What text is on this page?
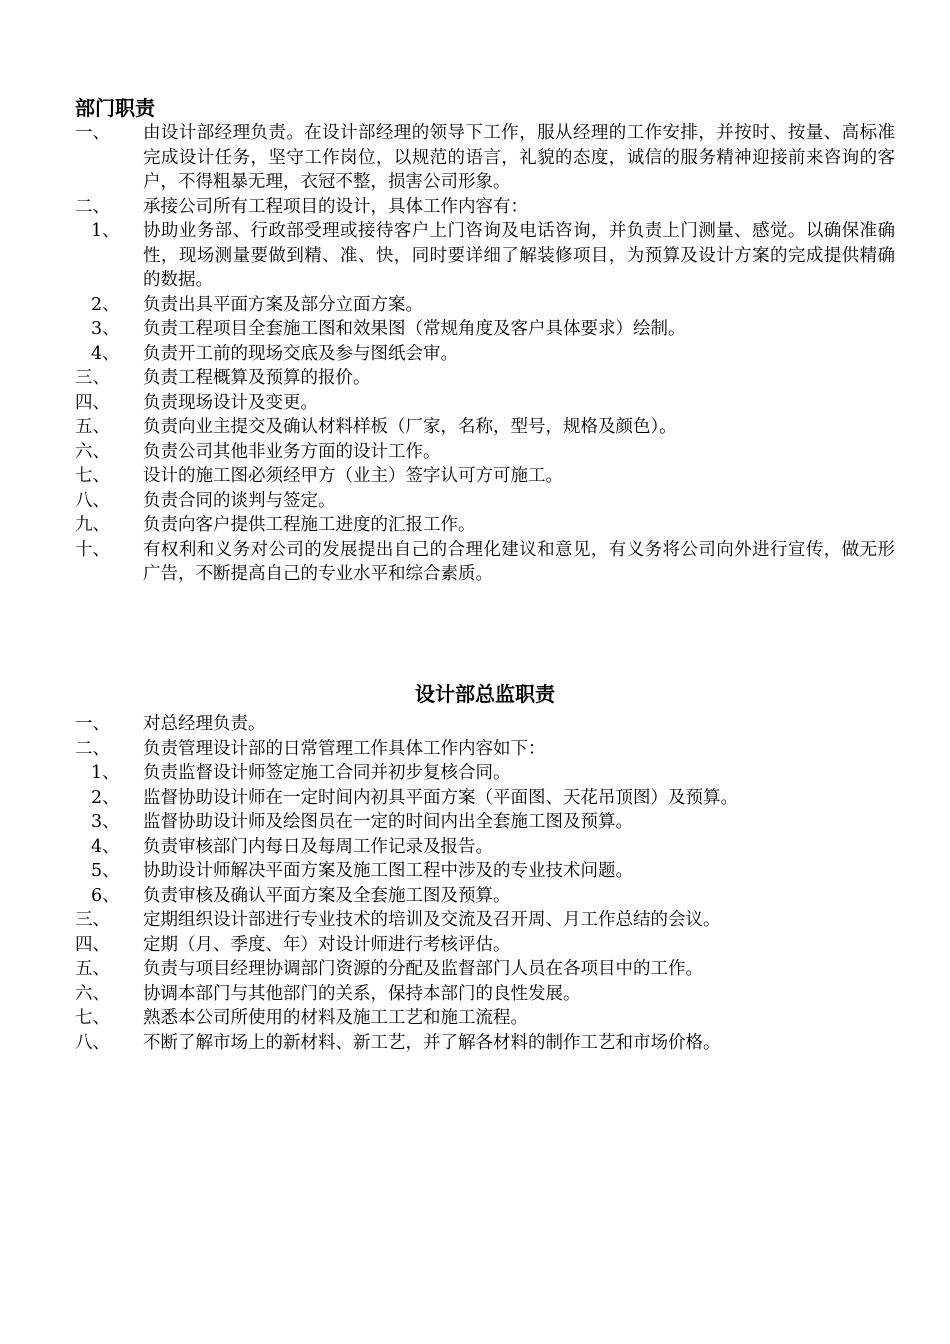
部门职责
一、	由设计部经理负责。在设计部经理的领导下工作，服从经理的工作安排，并按时、按量、高标准完成设计任务，坚守工作岗位，以规范的语言，礼貌的态度，诚信的服务精神迎接前来咨询的客户，不得粗暴无理，衣冠不整，损害公司形象。
二、	承接公司所有工程项目的设计，具体工作内容有：
1、	协助业务部、行政部受理或接待客户上门咨询及电话咨询，并负责上门测量、感觉。以确保准确性，现场测量要做到精、准、快，同时要详细了解装修项目，为预算及设计方案的完成提供精确的数据。
2、	负责出具平面方案及部分立面方案。
3、	负责工程项目全套施工图和效果图（常规角度及客户具体要求）绘制。
4、	负责开工前的现场交底及参与图纸会审。
三、	负责工程概算及预算的报价。
四、	负责现场设计及变更。
五、	负责向业主提交及确认材料样板（厂家，名称，型号，规格及颜色）。
六、	负责公司其他非业务方面的设计工作。
七、	设计的施工图必须经甲方（业主）签字认可方可施工。
八、	负责合同的谈判与签定。
九、	负责向客户提供工程施工进度的汇报工作。
十、	有权利和义务对公司的发展提出自己的合理化建议和意见，有义务将公司向外进行宣传，做无形广告，不断提高自己的专业水平和综合素质。
设计部总监职责
一、	对总经理负责。
二、	负责管理设计部的日常管理工作具体工作内容如下：
1、	负责监督设计师签定施工合同并初步复核合同。
2、	监督协助设计师在一定时间内初具平面方案（平面图、天花吊顶图）及预算。
3、	监督协助设计师及绘图员在一定的时间内出全套施工图及预算。
4、	负责审核部门内每日及每周工作记录及报告。
5、	协助设计师解决平面方案及施工图工程中涉及的专业技术问题。
6、	负责审核及确认平面方案及全套施工图及预算。
三、	定期组织设计部进行专业技术的培训及交流及召开周、月工作总结的会议。
四、	定期（月、季度、年）对设计师进行考核评估。
五、	负责与项目经理协调部门资源的分配及监督部门人员在各项目中的工作。
六、	协调本部门与其他部门的关系，保持本部门的良性发展。
七、	熟悉本公司所使用的材料及施工工艺和施工流程。
八、	不断了解市场上的新材料、新工艺，并了解各材料的制作工艺和市场价格。
